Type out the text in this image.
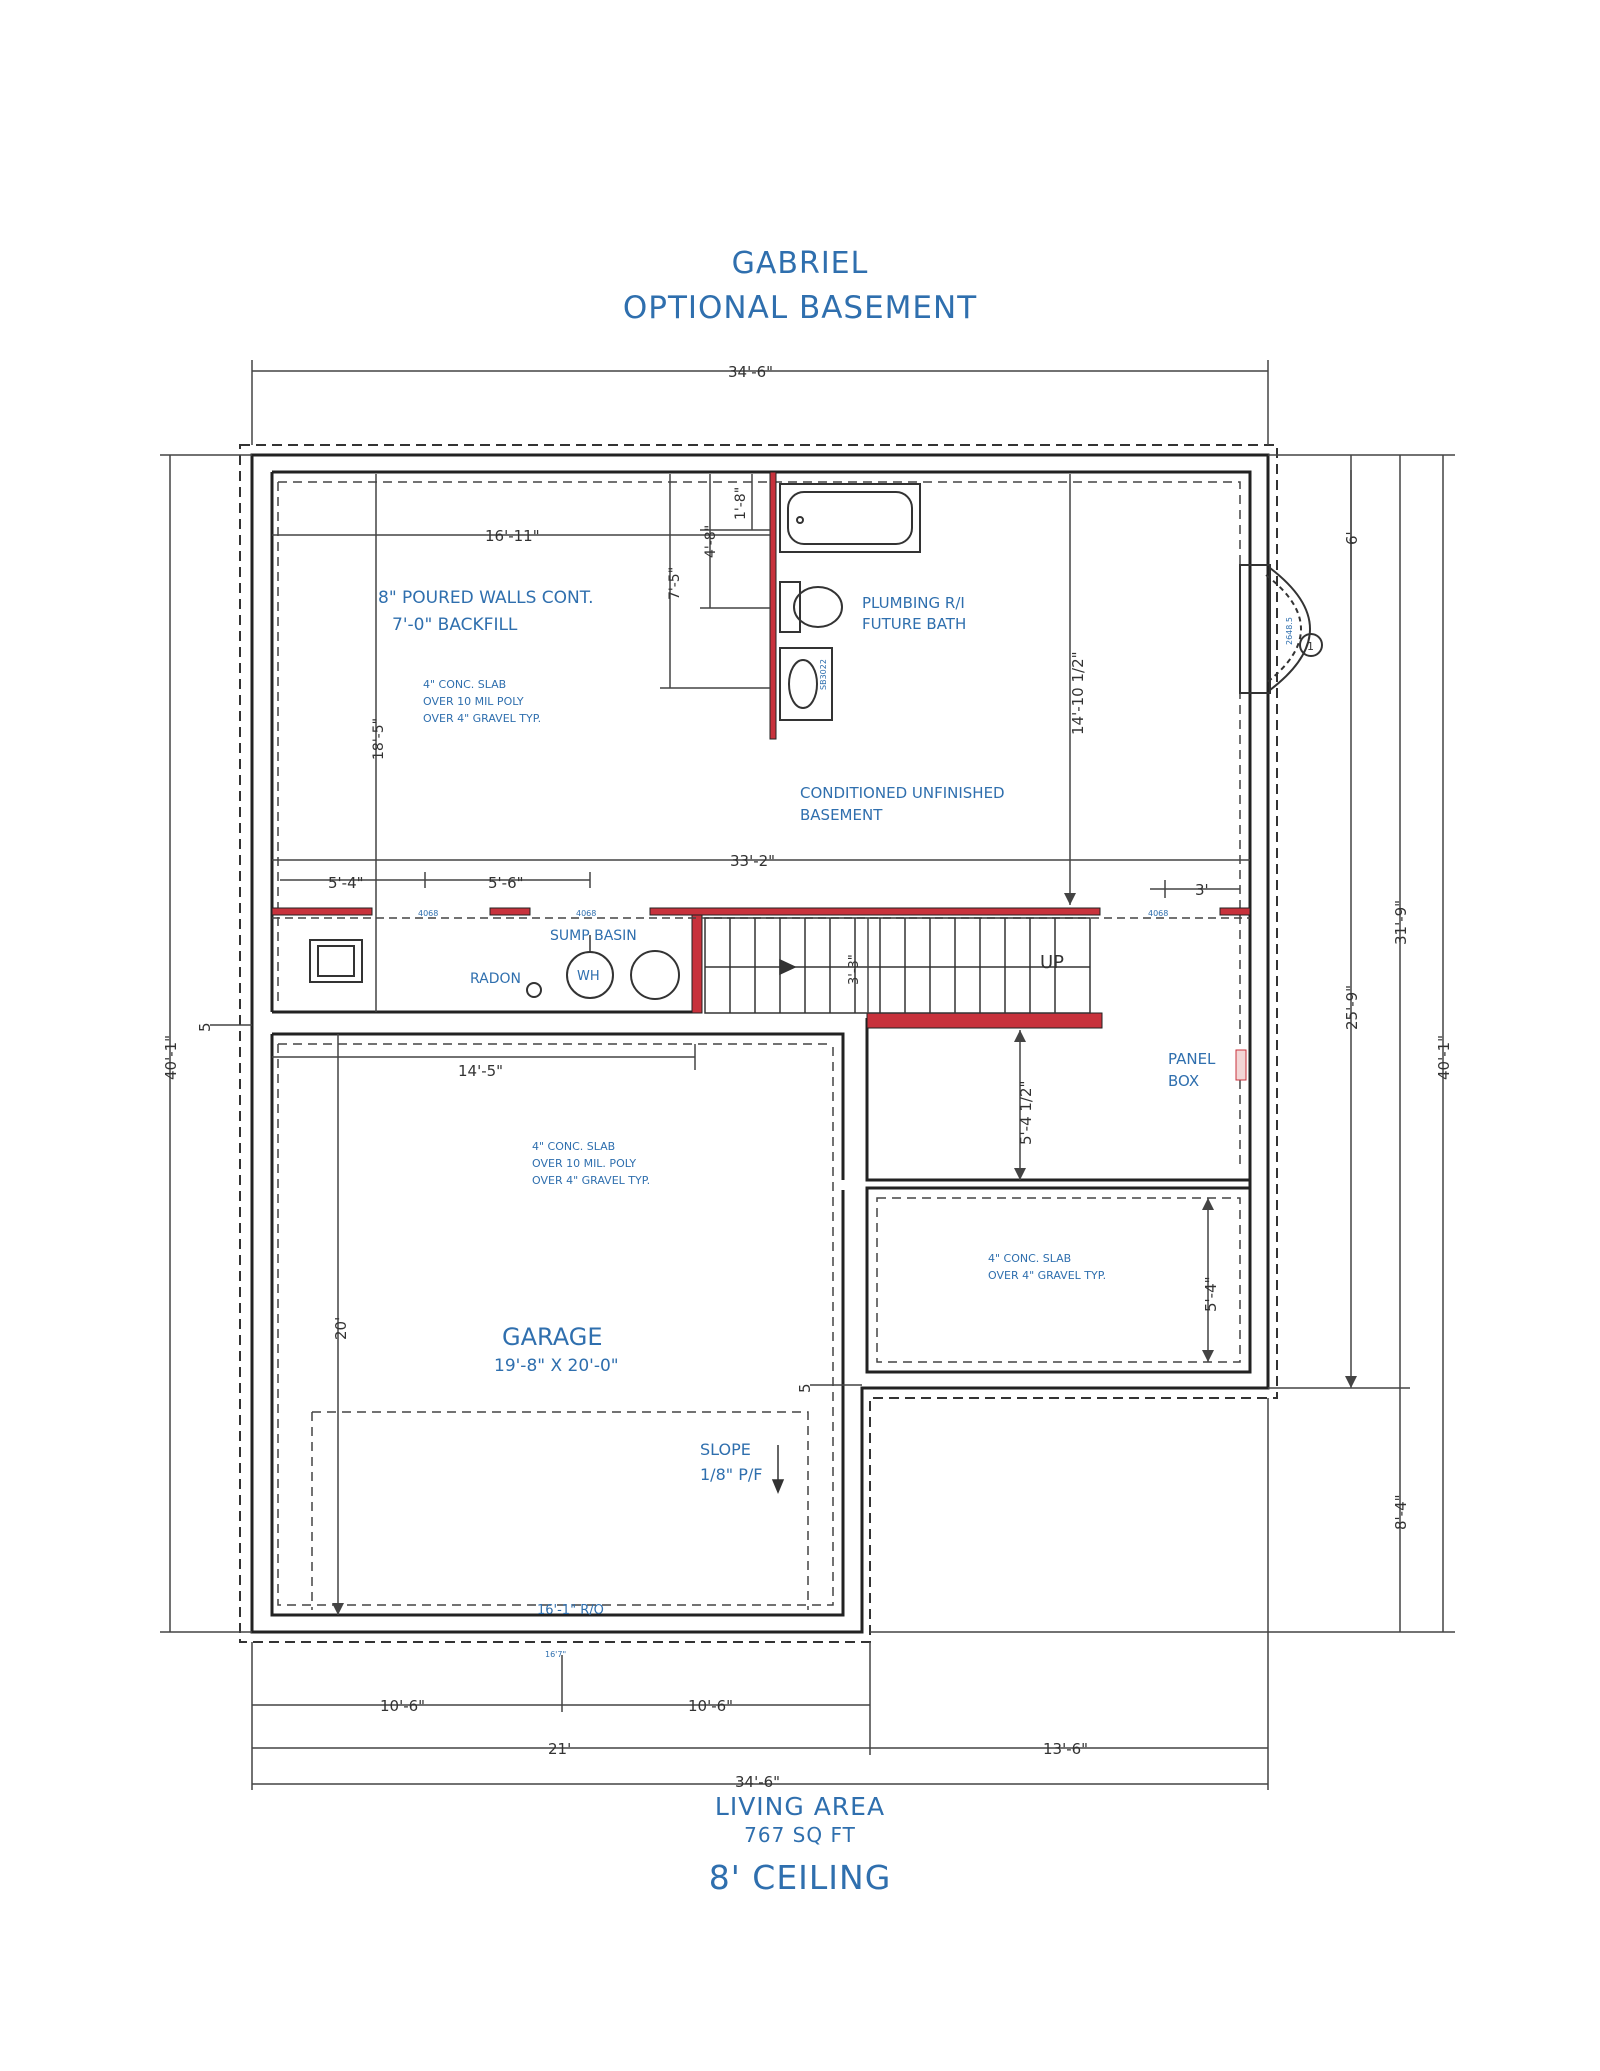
GABRIEL
OPTIONAL BASEMENT
LIVING AREA
767 SQ FT
8' CEILING
SB3022
UP
1
2648.5
8" POURED WALLS CONT.
7'-0" BACKFILL
4" CONC. SLAB
OVER 10 MIL POLY
OVER 4" GRAVEL TYP.
PLUMBING R/I
FUTURE BATH
CONDITIONED UNFINISHED
BASEMENT
SUMP BASIN
RADON	WH
PANEL
BOX
4" CONC. SLAB
OVER 10 MIL. POLY
OVER 4" GRAVEL TYP.
4" CONC. SLAB
OVER 4" GRAVEL TYP.
GARAGE
19'-8" X 20'-0"
SLOPE
1/8" P/F
16'-1" R/O
16'7"
4068	4068	4068
34'-6"
16'-11"
33'-2"
5'-4"	5'-6"	3'
14'-5"
1'-8"
4'-8"
7'-5"
18'-5"
14'-10 1/2"
3'-3"
5'-4 1/2"
20'
5'-4"
40'-1"
5
5
6'
25'-9"
31'-9"
40'-1"
8'-4"
10'-6"	10'-6"
21'	13'-6"
34'-6"
